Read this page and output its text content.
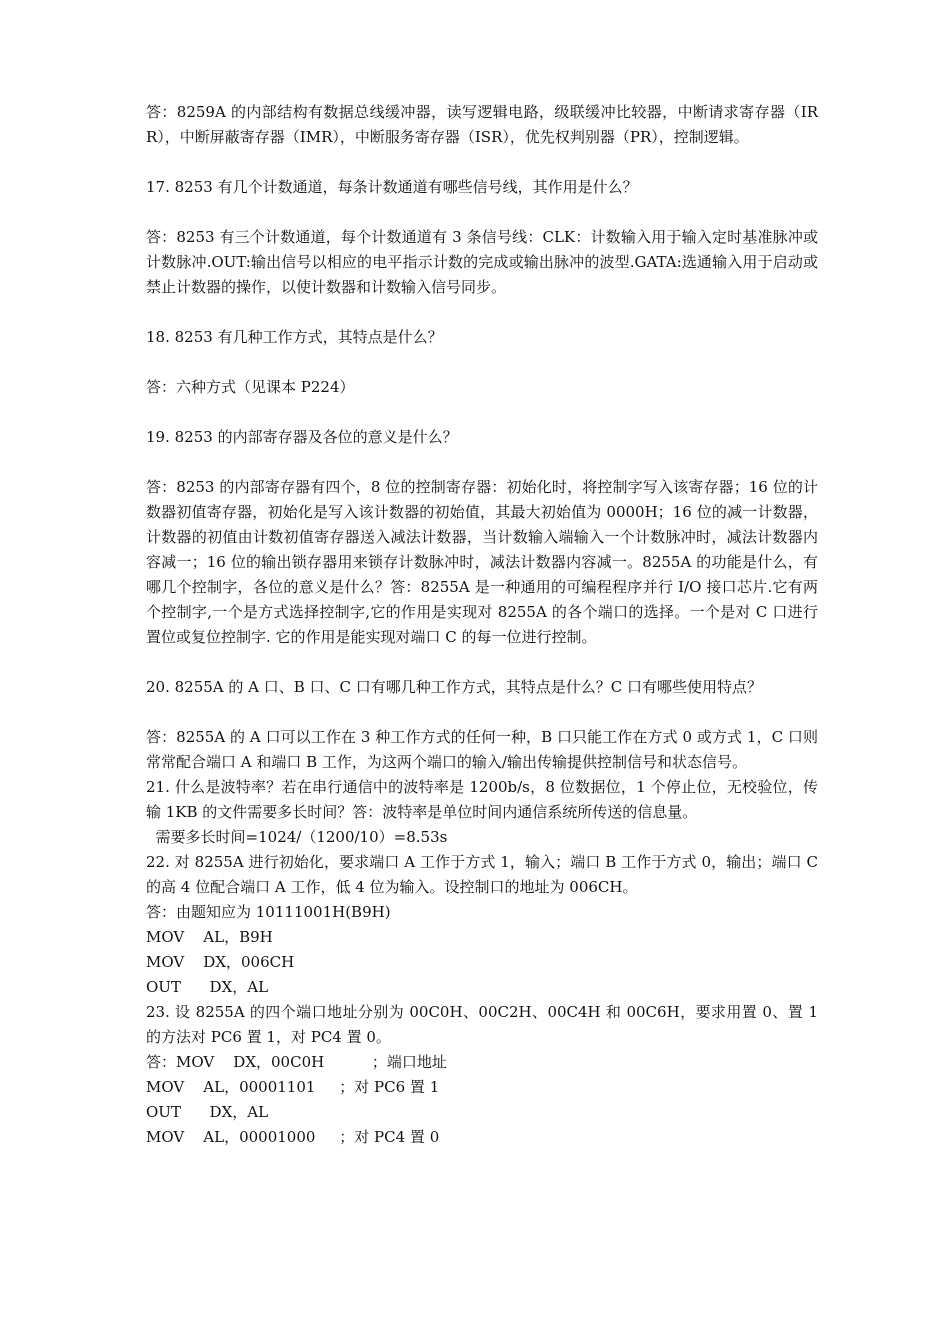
答：8259A 的内部结构有数据总线缓冲器，读写逻辑电路，级联缓冲比较器，中断请求寄存器（IRR），中断屏蔽寄存器（IMR），中断服务寄存器（ISR），优先权判别器（PR），控制逻辑。

17. 8253 有几个计数通道，每条计数通道有哪些信号线，其作用是什么？

答：8253 有三个计数通道，每个计数通道有 3 条信号线：CLK：计数输入用于输入定时基准脉冲或计数脉冲.OUT:输出信号以相应的电平指示计数的完成或输出脉冲的波型.GATA:选通输入用于启动或禁止计数器的操作，以使计数器和计数输入信号同步。

18. 8253 有几种工作方式，其特点是什么？

答：六种方式（见课本 P224）

19. 8253 的内部寄存器及各位的意义是什么？

答：8253 的内部寄存器有四个，8 位的控制寄存器：初始化时，将控制字写入该寄存器；16 位的计数器初值寄存器，初始化是写入该计数器的初始值，其最大初始值为 0000H；16 位的减一计数器，计数器的初值由计数初值寄存器送入减法计数器，当计数输入端输入一个计数脉冲时，减法计数器内容减一；16 位的输出锁存器用来锁存计数脉冲时，减法计数器内容减一。8255A 的功能是什么，有哪几个控制字，各位的意义是什么？答：8255A 是一种通用的可编程程序并行 I/O 接口芯片.它有两个控制字,一个是方式选择控制字,它的作用是实现对 8255A 的各个端口的选择。一个是对 C 口进行置位或复位控制字. 它的作用是能实现对端口 C 的每一位进行控制。

20. 8255A 的 A 口、B 口、C 口有哪几种工作方式，其特点是什么？C 口有哪些使用特点？

答：8255A 的 A 口可以工作在 3 种工作方式的任何一种，B 口只能工作在方式 0 或方式 1，C 口则常常配合端口 A 和端口 B 工作，为这两个端口的输入/输出传输提供控制信号和状态信号。

21. 什么是波特率？若在串行通信中的波特率是 1200b/s，8 位数据位，1 个停止位，无校验位，传输 1KB 的文件需要多长时间？答：波特率是单位时间内通信系统所传送的信息量。

需要多长时间=1024/（1200/10）=8.53s

22. 对 8255A 进行初始化，要求端口 A 工作于方式 1，输入；端口 B 工作于方式 0，输出；端口 C 的高 4 位配合端口 A 工作，低 4 位为输入。设控制口的地址为 006CH。

答：由题知应为 10111001H(B9H)

MOV    AL，B9H

MOV    DX，006CH

OUT      DX，AL

23. 设 8255A 的四个端口地址分别为 00C0H、00C2H、00C4H 和 00C6H，要求用置 0、置 1 的方法对 PC6 置 1，对 PC4 置 0。

答：MOV    DX，00C0H          ；端口地址

MOV    AL，00001101     ；对 PC6 置 1

OUT      DX，AL

MOV    AL，00001000     ；对 PC4 置 0
